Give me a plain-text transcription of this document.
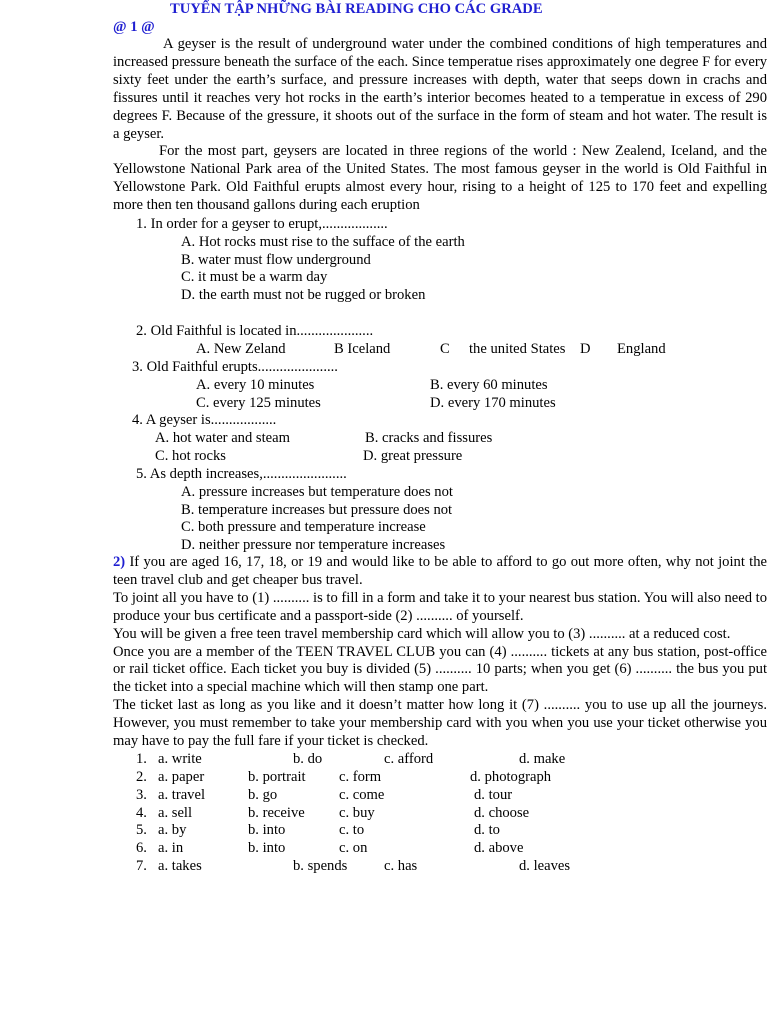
TUYỂN TẬP NHỮNG BÀI READING CHO CÁC GRADE
@ 1 @

A geyser is the result of underground water under the combined conditions of high temperatures and increased pressure beneath the surface of the each. Since temperatue rises approximately one degree F for every sixty feet under the earth’s surface, and pressure increases with depth, water that seeps down in crachs and fissures until it reaches very hot rocks in the earth’s interior becomes heated to a temperatue in excess of 290 degrees F. Because of the gressure, it shoots out of the surface in the form of steam and hot water. The result is a geyser.

For the most part, geysers are located in three regions of the world : New Zealend, Iceland, and the Yellowstone National Park area of the United States. The most famous geyser in the world is Old Faithful in Yellowstone Park. Old Faithful erupts almost every hour, rising to a height of 125 to 170 feet and expelling more then ten thousand gallons during each eruption

1. In order for a geyser to erupt,..................
A. Hot rocks must rise to the sufface of the earth
B. water must flow underground
C. it must be a warm day
D. the earth must not be rugged or broken
2. Old Faithful is located in.....................
A. New Zeland	B Iceland	C the united States D England
3. Old Faithful erupts......................
A. every 10 minutes	B. every 60 minutes
C. every 125 minutes	D. every 170 minutes
4. A geyser is..................
A. hot water and steam	B. cracks and fissures
C. hot rocks	D. great pressure
5. As depth increases,.......................
A. pressure increases but temperature does not
B. temperature increases but pressure does not
C. both pressure and temperature increase
D. neither pressure nor temperature increases

2) If you are aged 16, 17, 18, or 19 and would like to be able to afford to go out more often, why not joint the teen travel club and get cheaper bus travel.

To joint all you have to (1) .......... is to fill in a form and take it to your nearest bus station. You will also need to produce your bus certificate and a passport-side (2) .......... of yourself.

You will be given a free teen travel membership card which will allow you to (3) .......... at a reduced cost.

Once you are a member of the TEEN TRAVEL CLUB you can (4) .......... tickets at any bus station, post-office or rail ticket office. Each ticket you buy is divided (5) .......... 10 parts; when you get (6) .......... the bus you put the ticket into a special machine which will then stamp one part.

The ticket last as long as you like and it doesn’t matter how long it (7) .......... you to use up all the journeys. However, you must remember to take your membership card with you when you use your ticket otherwise you may have to pay the full fare if your ticket is checked.

1. a. write	b. do	c. afford	d. make
2. a. paper	b. portrait c. form	d. photograph
3. a. travel	b. go	c. come	d. tour
4. a. sell	b. receive c. buy	d. choose
5. a. by	b. into	c. to	d. to
6. a. in	b. into	c. on	d. above
7. a. takes	b. spends	c. has	d. leaves
